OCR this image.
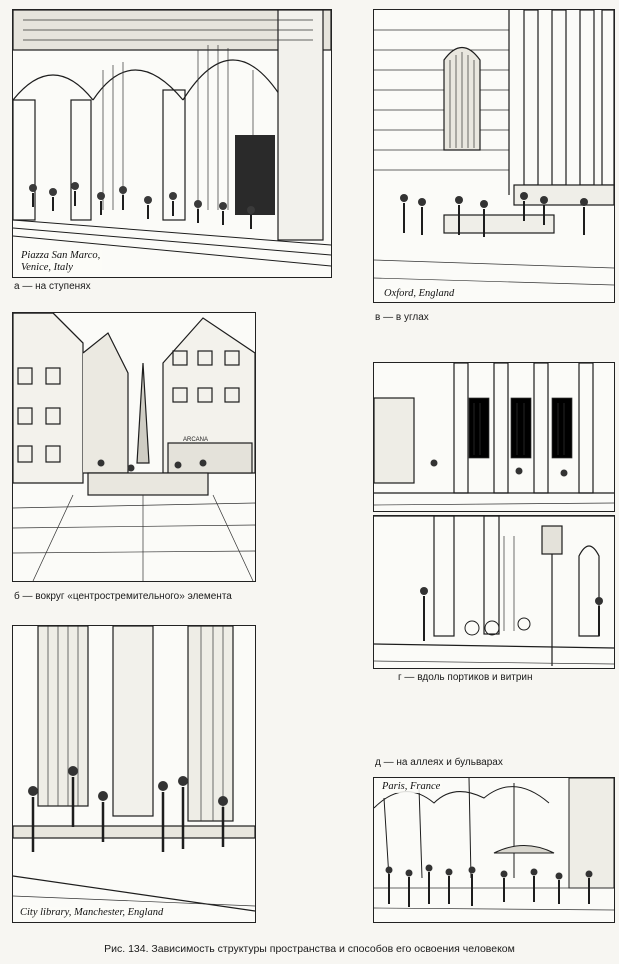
Piazza San Marco,
Venice, Italy
а — на ступенях
Oxford, England
в — в углах
ARCANA
б — вокруг «центростремительного» элемента
г — вдоль портиков и витрин
City library, Manchester, England
д — на аллеях и бульварах
Paris, France
Рис. 134. Зависимость структуры пространства и способов его освоения человеком
